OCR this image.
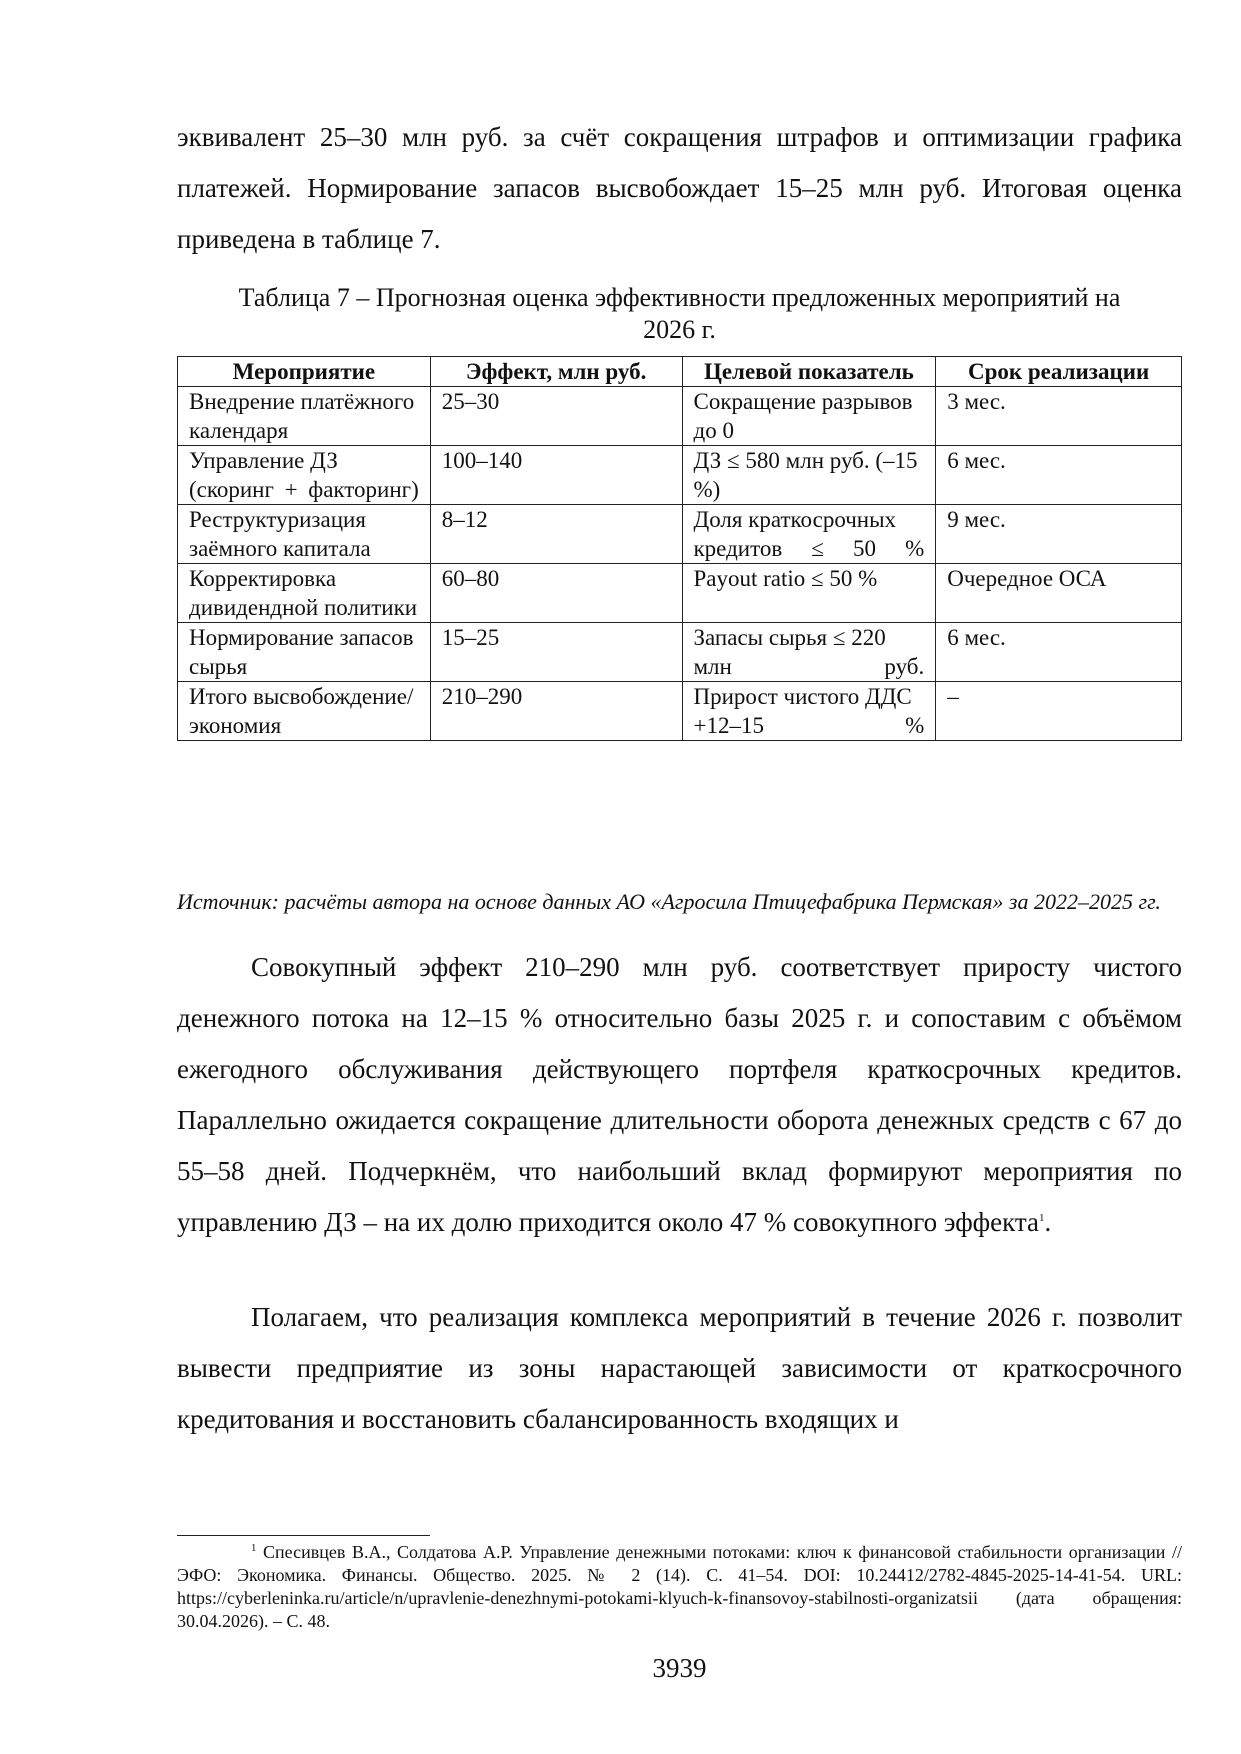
эквивалент 25–30 млн руб. за счёт сокращения штрафов и оптимизации графика платежей. Нормирование запасов высвобождает 15–25 млн руб. Итоговая оценка приведена в таблице 7.

Таблица 7 – Прогнозная оценка эффективности предложенных мероприятий на
2026 г.
Мероприятие	Эффект, млн руб.	Целевой показатель	Срок реализации
Внедрение платёжного календаря	25–30	Сокращение разрывов до 0	3 мес.
Управление ДЗ (скоринг + факторинг)	100–140	ДЗ ≤ 580 млн руб. (–15 %)	6 мес.
Реструктуризация заёмного капитала	8–12	Доля краткосрочных кредитов ≤ 50 %	9 мес.
Корректировка дивидендной политики	60–80	Payout ratio ≤ 50 %	Очередное ОСА
Нормирование запасов сырья	15–25	Запасы сырья ≤ 220 млн руб.	6 мес.
Итого высвобождение/экономия	210–290	Прирост чистого ДДС +12–15 %	–

Источник: расчёты автора на основе данных АО «Агросила Птицефабрика Пермская» за 2022–2025 гг.

Совокупный эффект 210–290 млн руб. соответствует приросту чистого денежного потока на 12–15 % относительно базы 2025 г. и сопоставим с объёмом ежегодного обслуживания действующего портфеля краткосрочных кредитов. Параллельно ожидается сокращение длительности оборота денежных средств с 67 до 55–58 дней. Подчеркнём, что наибольший вклад формируют мероприятия по управлению ДЗ – на их долю приходится около 47 % совокупного эффекта$^1$.

Полагаем, что реализация комплекса мероприятий в течение 2026 г. позволит вывести предприятие из зоны нарастающей зависимости от краткосрочного кредитования и восстановить сбалансированность входящих и

$^1$ Спесивцев В.А., Солдатова А.Р. Управление денежными потоками: ключ к финансовой стабильности организации // ЭФО: Экономика. Финансы. Общество. 2025. № 2 (14). С. 41–54. DOI: 10.24412/2782-4845-2025-14-41-54. URL: https://cyberleninka.ru/article/n/upravlenie-denezhnymi-potokami-klyuch-k-finansovoy-stabilnosti-organizatsii (дата обращения: 30.04.2026). – С. 48.

3939
